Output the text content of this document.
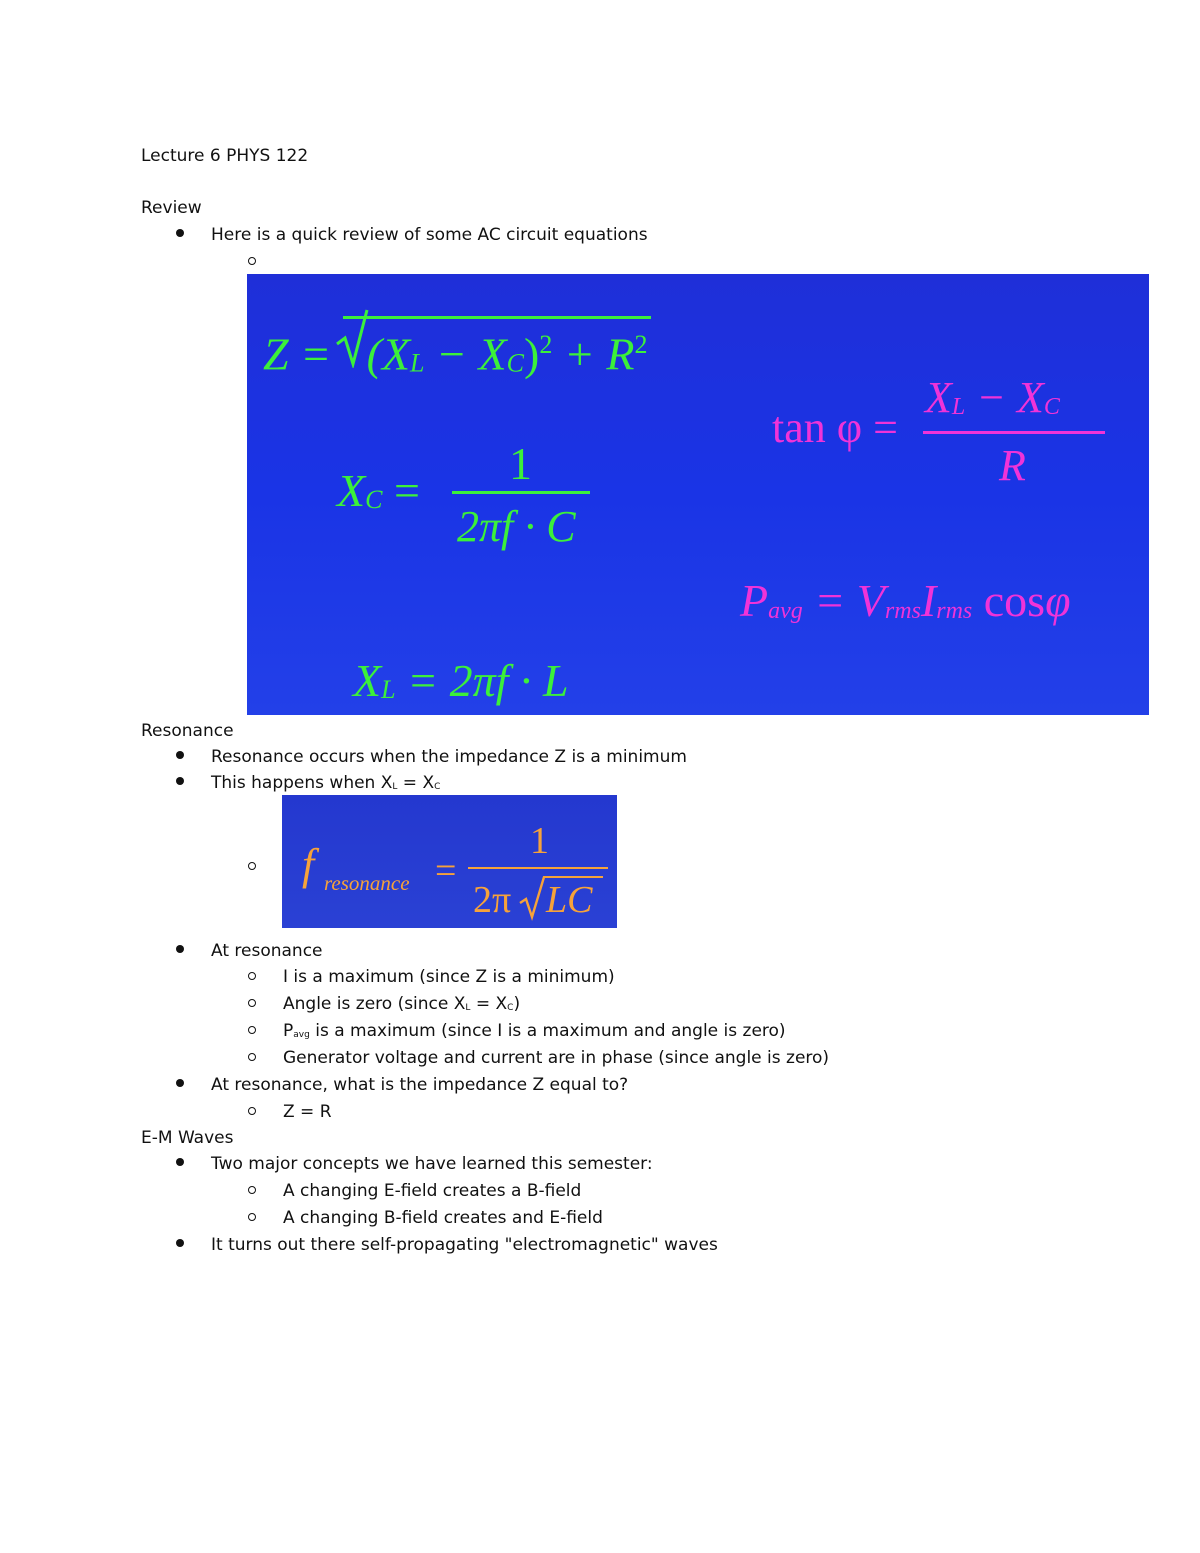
Lecture 6 PHYS 122
Review
Here is a quick review of some AC circuit equations
Z =
$(X_L - X_C)^2 + R^2$
tan φ =
$X_L - X_C$
R
$X_C$ =
1
2πf · C
$P_{avg} = V_{rms}I_{rms}$ cosφ
$X_L = 2\pi f \cdot L$
Resonance
Resonance occurs when the impedance Z is a minimum
This happens when XL = XC
f resonance =
1
2π LC
At resonance
I is a maximum (since Z is a minimum)
Angle is zero (since XL = XC)
Pavg is a maximum (since I is a maximum and angle is zero)
Generator voltage and current are in phase (since angle is zero)
At resonance, what is the impedance Z equal to?
Z = R
E-M Waves
Two major concepts we have learned this semester:
A changing E-field creates a B-field
A changing B-field creates and E-field
It turns out there self-propagating "electromagnetic" waves
